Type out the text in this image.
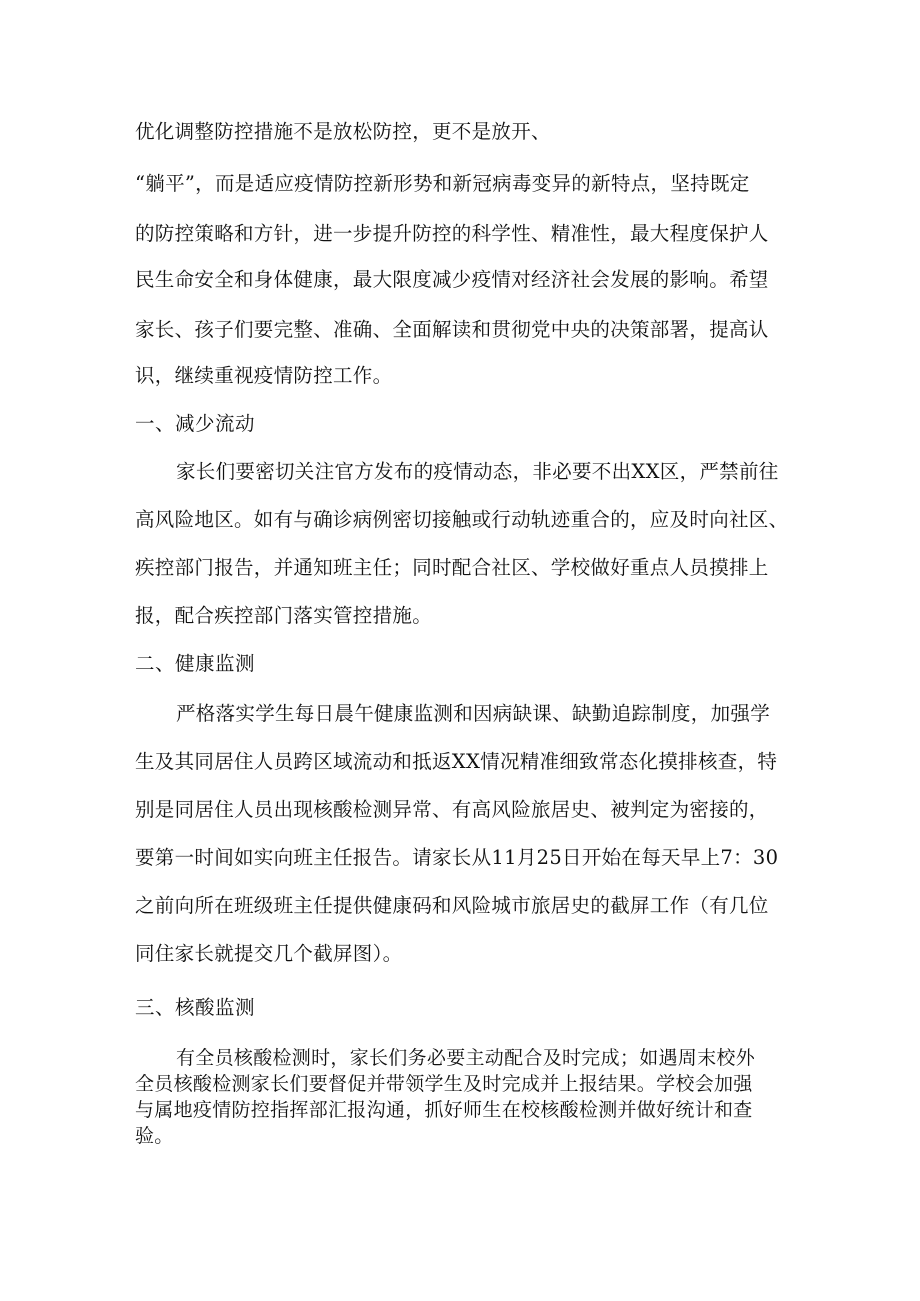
优化调整防控措施不是放松防控，更不是放开、

“躺平”，而是适应疫情防控新形势和新冠病毒变异的新特点，坚持既定

的防控策略和方针，进一步提升防控的科学性、精准性，最大程度保护人

民生命安全和身体健康，最大限度减少疫情对经济社会发展的影响。希望

家长、孩子们要完整、准确、全面解读和贯彻党中央的决策部署，提高认

识，继续重视疫情防控工作。

一、减少流动

家长们要密切关注官方发布的疫情动态，非必要不出XX区，严禁前往

高风险地区。如有与确诊病例密切接触或行动轨迹重合的，应及时向社区、

疾控部门报告，并通知班主任；同时配合社区、学校做好重点人员摸排上

报，配合疾控部门落实管控措施。

二、健康监测

严格落实学生每日晨午健康监测和因病缺课、缺勤追踪制度，加强学

生及其同居住人员跨区域流动和抵返XX情况精准细致常态化摸排核查，特

别是同居住人员出现核酸检测异常、有高风险旅居史、被判定为密接的，

要第一时间如实向班主任报告。请家长从11月25日开始在每天早上7：30

之前向所在班级班主任提供健康码和风险城市旅居史的截屏工作（有几位

同住家长就提交几个截屏图）。

三、核酸监测

有全员核酸检测时，家长们务必要主动配合及时完成；如遇周末校外

全员核酸检测家长们要督促并带领学生及时完成并上报结果。学校会加强

与属地疫情防控指挥部汇报沟通，抓好师生在校核酸检测并做好统计和查

验。
